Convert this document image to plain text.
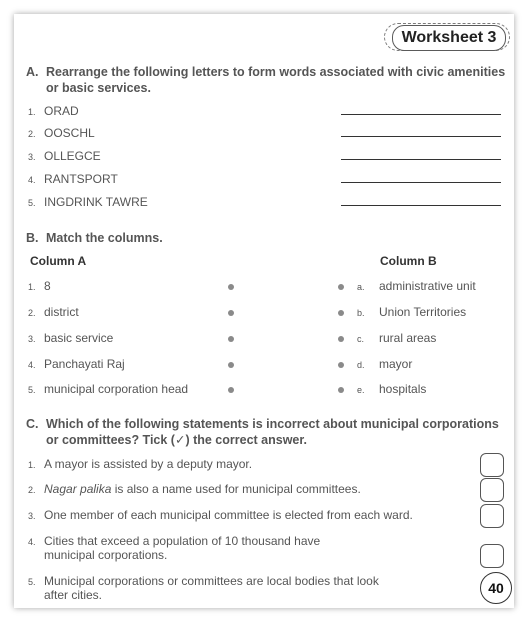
Worksheet 3
A. Rearrange the following letters to form words associated with civic amenities
or basic services.
1. ORAD
2. OOSCHL
3. OLLEGCE
4. RANTSPORT
5. INGDRINK TAWRE
B. Match the columns.
Column A	Column B
1. 8	a. administrative unit
2. district	b. Union Territories
3. basic service	c. rural areas
4. Panchayati Raj	d. mayor
5. municipal corporation head	e. hospitals
C. Which of the following statements is incorrect about municipal corporations
or committees? Tick (✓) the correct answer.
1. A mayor is assisted by a deputy mayor.
2. Nagar palika is also a name used for municipal committees.
3. One member of each municipal committee is elected from each ward.
4. Cities that exceed a population of 10 thousand have
municipal corporations.
5. Municipal corporations or committees are local bodies that look
after cities.	40
